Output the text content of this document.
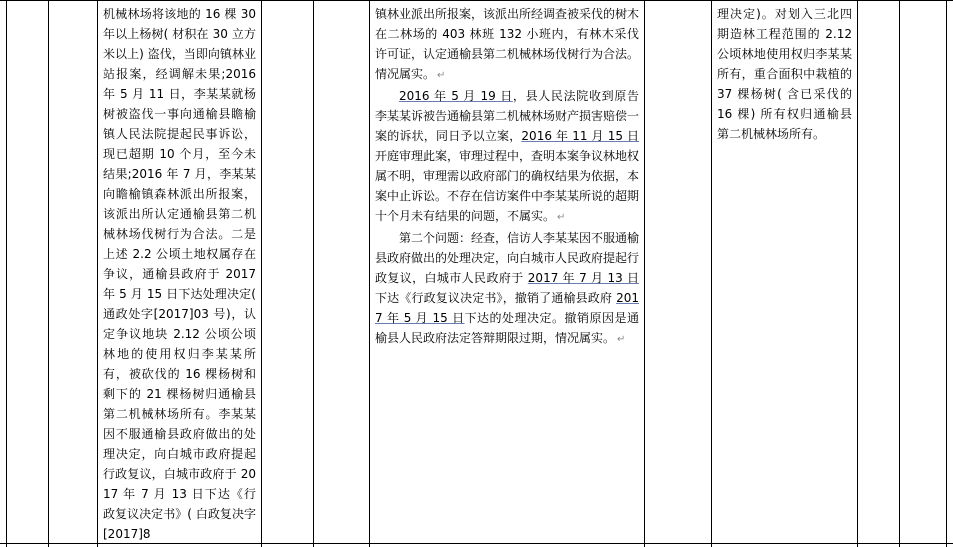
机械林场将该地的 16 棵 30 年以上杨树( 材积在 30 立方米以上) 盗伐，当即向镇林业站报案，经调解未果;2016 年 5 月 11 日，李某某就杨树被盗伐一事向通榆县瞻榆镇人民法院提起民事诉讼，现已超期 10 个月，至今未结果;2016 年 7 月，李某某向瞻榆镇森林派出所报案，该派出所认定通榆县第二机械林场伐树行为合法。二是上述 2.2 公顷土地权属存在争议，通榆县政府于 2017 年 5 月 15 日下达处理决定( 通政处字[2017]03 号)，认定争议地块 2.12 公顷公顷林地的使用权归李某某所有，被砍伐的 16 棵杨树和剩下的 21 棵杨树归通榆县第二机械林场所有。李某某因不服通榆县政府做出的处理决定，向白城市政府提起行政复议，白城市政府于 2017 年 7 月 13 日下达《行政复议决定书》( 白政复决字 [2017]8

镇林业派出所报案，该派出所经调查被采伐的树木在二林场的 403 林班 132 小班内，有林木采伐许可证，认定通榆县第二机械林场伐树行为合法。情况属实。 ↵

2016 年 5 月 19 日，县人民法院收到原告李某某诉被告通榆县第二机械林场财产损害赔偿一案的诉状，同日予以立案，2016 年 11 月 15 日开庭审理此案，审理过程中，查明本案争议林地权属不明，审理需以政府部门的确权结果为依据，本案中止诉讼。不存在信访案件中李某某所说的超期十个月未有结果的问题，不属实。 ↵

第二个问题：经查，信访人李某某因不服通榆县政府做出的处理决定，向白城市人民政府提起行政复议，白城市人民政府于 2017 年 7 月 13 日下达《行政复议决定书》，撤销了通榆县政府 2017 年 5 月 15 日下达的处理决定。撤销原因是通榆县人民政府法定答辩期限过期，情况属实。 ↵

理决定)。对划入三北四期造林工程范围的 2.12 公顷林地使用权归李某某所有，重合面积中栽植的 37 棵杨树( 含已采伐的 16 棵) 所有权归通榆县第二机械林场所有。
